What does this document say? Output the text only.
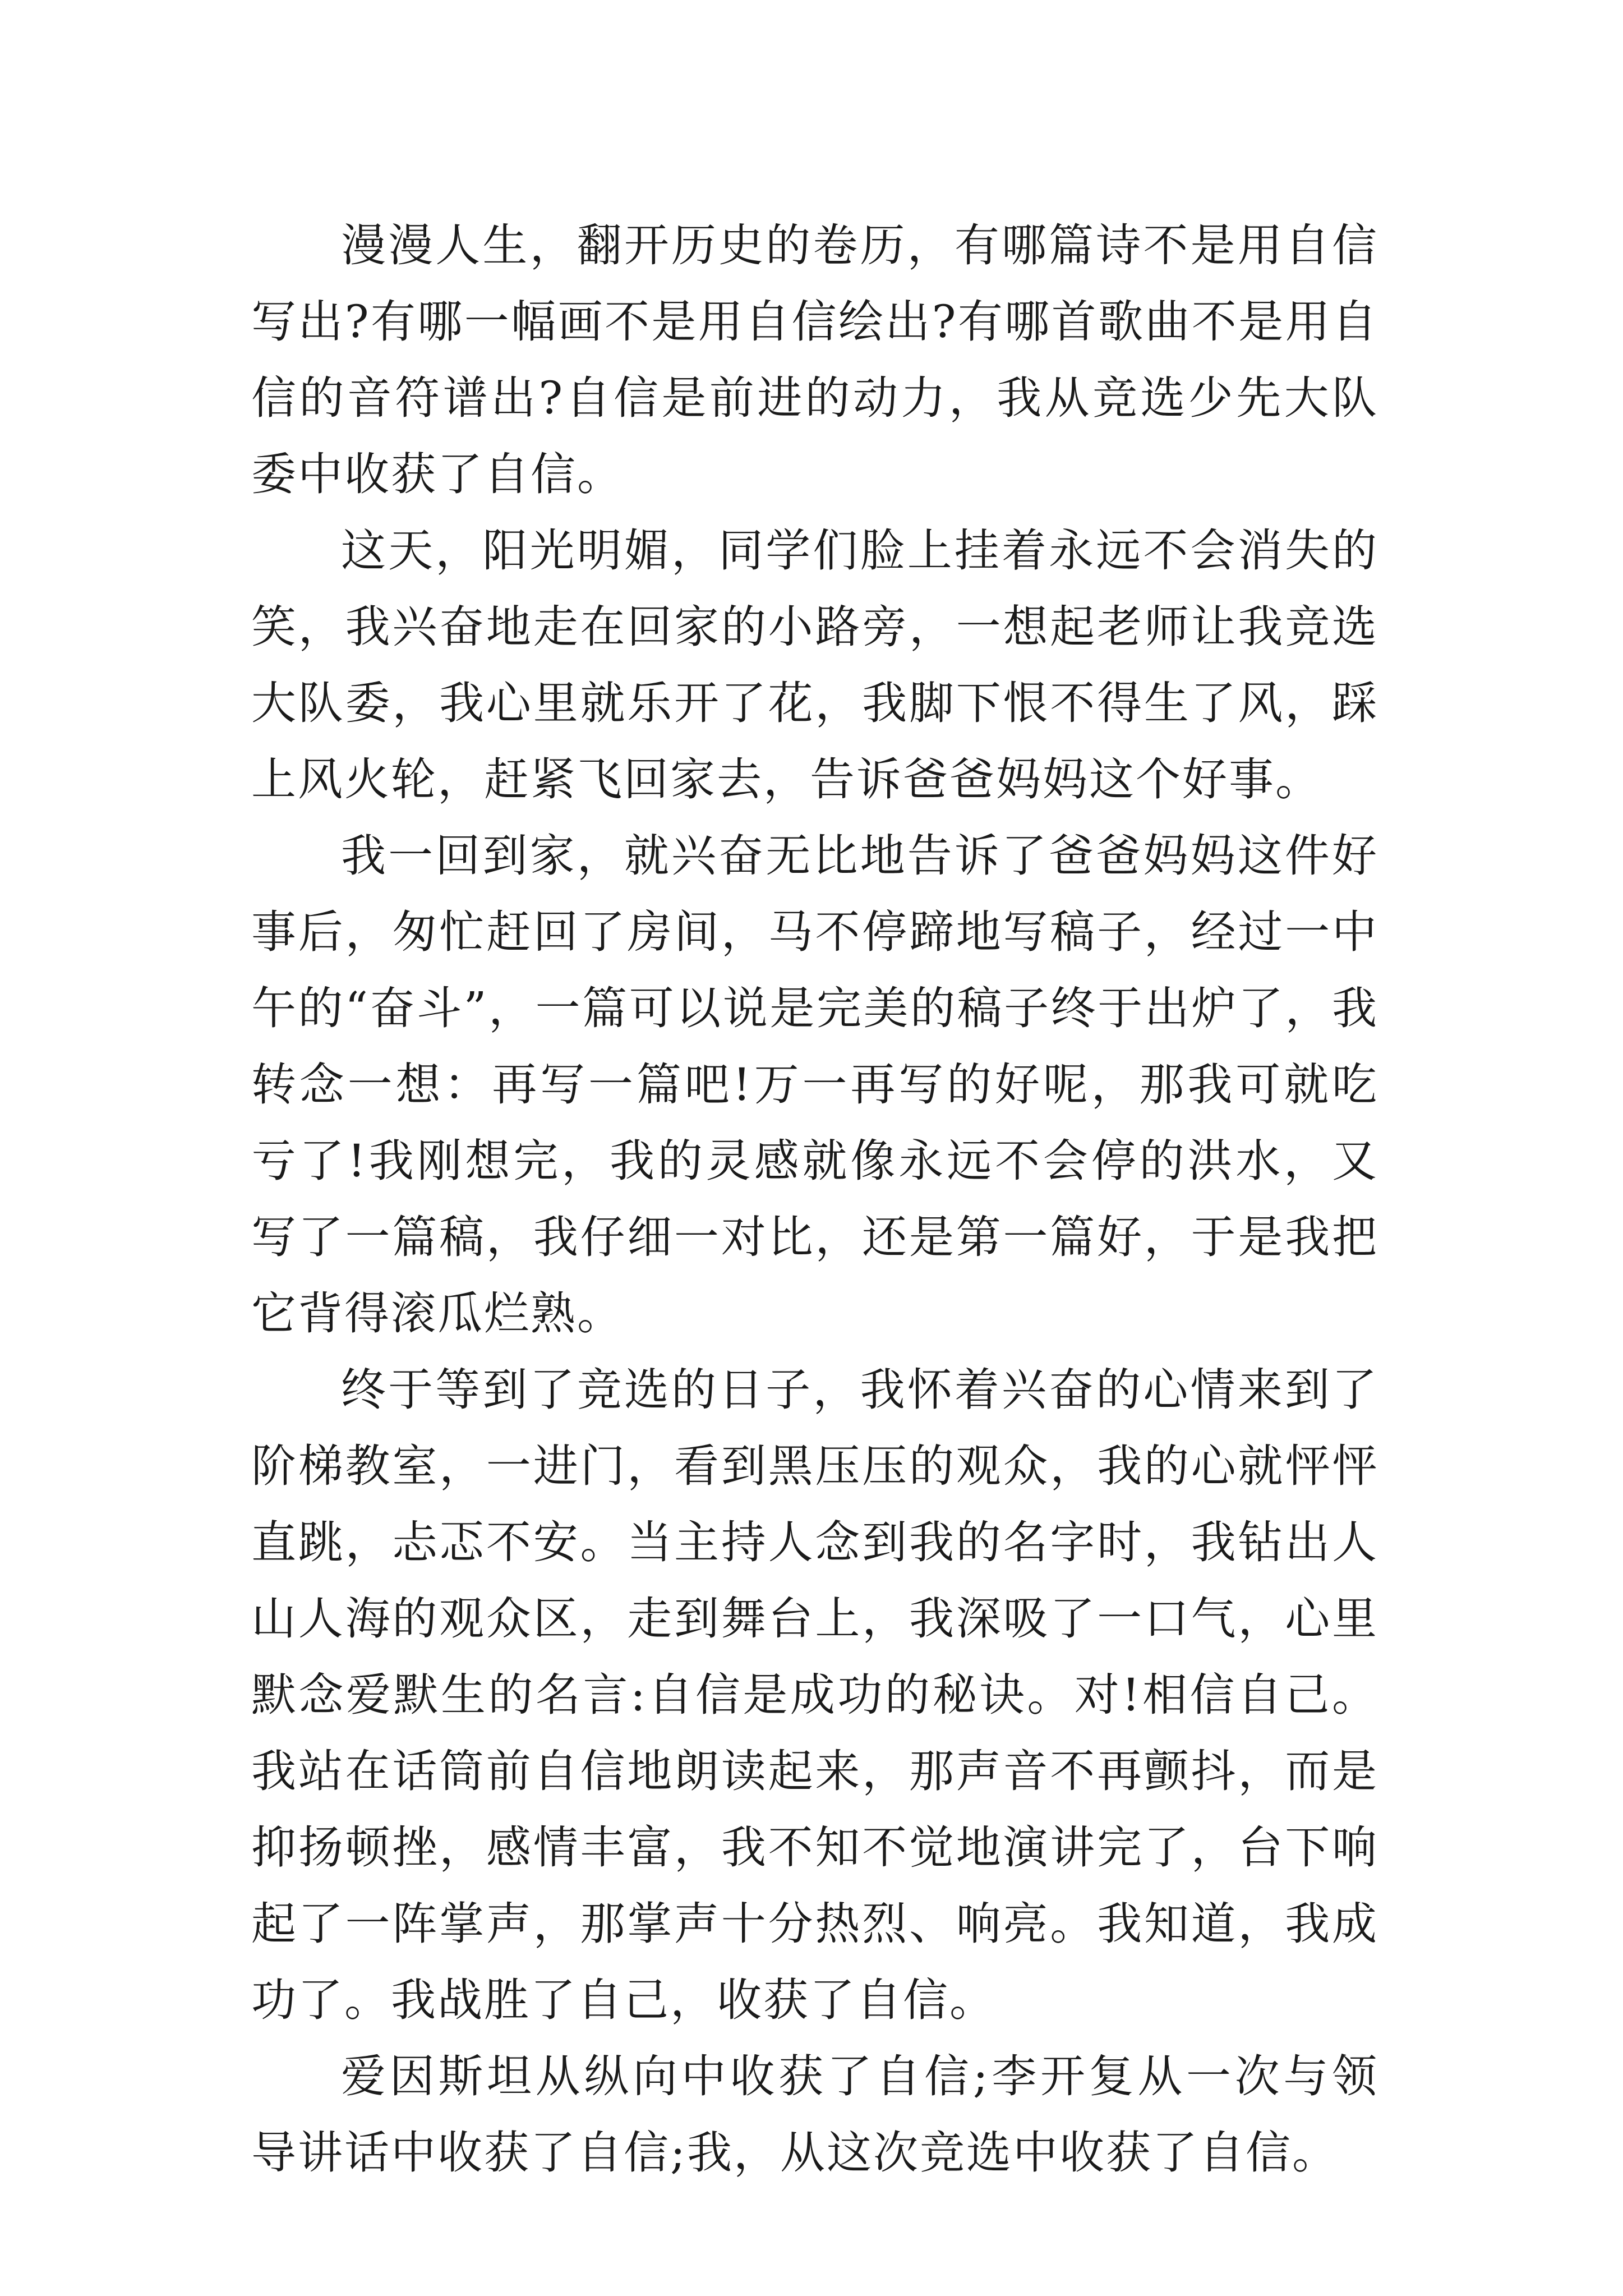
漫漫人生，翻开历史的卷历，有哪篇诗不是用自信写出?有哪一幅画不是用自信绘出?有哪首歌曲不是用自信的音符谱出?自信是前进的动力，我从竞选少先大队委中收获了自信。

这天，阳光明媚，同学们脸上挂着永远不会消失的笑，我兴奋地走在回家的小路旁，一想起老师让我竞选大队委，我心里就乐开了花，我脚下恨不得生了风，踩上风火轮，赶紧飞回家去，告诉爸爸妈妈这个好事。

我一回到家，就兴奋无比地告诉了爸爸妈妈这件好事后，匆忙赶回了房间，马不停蹄地写稿子，经过一中午的“奋斗”，一篇可以说是完美的稿子终于出炉了，我转念一想：再写一篇吧!万一再写的好呢，那我可就吃亏了!我刚想完，我的灵感就像永远不会停的洪水，又写了一篇稿，我仔细一对比，还是第一篇好，于是我把它背得滚瓜烂熟。

终于等到了竞选的日子，我怀着兴奋的心情来到了阶梯教室，一进门，看到黑压压的观众，我的心就怦怦直跳，忐忑不安。当主持人念到我的名字时，我钻出人山人海的观众区，走到舞台上，我深吸了一口气，心里默念爱默生的名言:自信是成功的秘诀。对!相信自己。我站在话筒前自信地朗读起来，那声音不再颤抖，而是抑扬顿挫，感情丰富，我不知不觉地演讲完了，台下响起了一阵掌声，那掌声十分热烈、响亮。我知道，我成功了。我战胜了自己，收获了自信。

爱因斯坦从纵向中收获了自信;李开复从一次与领导讲话中收获了自信;我，从这次竞选中收获了自信。
